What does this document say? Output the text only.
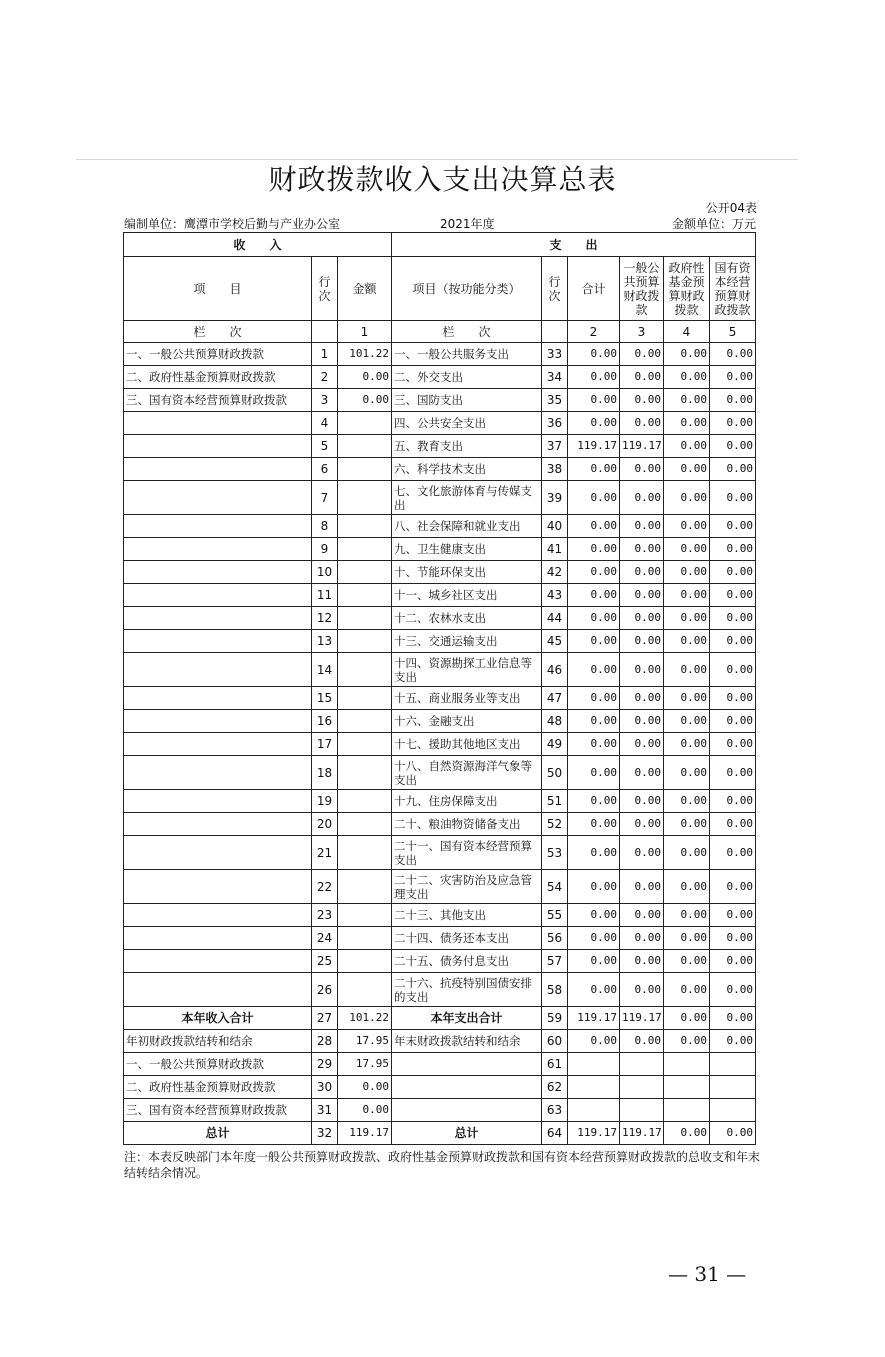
财政拨款收入支出决算总表
公开04表
编制单位：鹰潭市学校后勤与产业办公室	2021年度	金额单位：万元
收　　入			支　　出					
项　　目	行次	金额	项目（按功能分类）	行次	合计	一般公共预算财政拨款	政府性基金预算财政拨款	国有资本经营预算财政拨款
栏　　次		1	栏　　次		2	3	4	5
一、一般公共预算财政拨款	1	101.22	一、一般公共服务支出	33	0.00	0.00	0.00	0.00
二、政府性基金预算财政拨款	2	0.00	二、外交支出	34	0.00	0.00	0.00	0.00
三、国有资本经营预算财政拨款	3	0.00	三、国防支出	35	0.00	0.00	0.00	0.00
	4		四、公共安全支出	36	0.00	0.00	0.00	0.00
	5		五、教育支出	37	119.17	119.17	0.00	0.00
	6		六、科学技术支出	38	0.00	0.00	0.00	0.00
	7		七、文化旅游体育与传媒支出	39	0.00	0.00	0.00	0.00
	8		八、社会保障和就业支出	40	0.00	0.00	0.00	0.00
	9		九、卫生健康支出	41	0.00	0.00	0.00	0.00
	10		十、节能环保支出	42	0.00	0.00	0.00	0.00
	11		十一、城乡社区支出	43	0.00	0.00	0.00	0.00
	12		十二、农林水支出	44	0.00	0.00	0.00	0.00
	13		十三、交通运输支出	45	0.00	0.00	0.00	0.00
	14		十四、资源勘探工业信息等支出	46	0.00	0.00	0.00	0.00
	15		十五、商业服务业等支出	47	0.00	0.00	0.00	0.00
	16		十六、金融支出	48	0.00	0.00	0.00	0.00
	17		十七、援助其他地区支出	49	0.00	0.00	0.00	0.00
	18		十八、自然资源海洋气象等支出	50	0.00	0.00	0.00	0.00
	19		十九、住房保障支出	51	0.00	0.00	0.00	0.00
	20		二十、粮油物资储备支出	52	0.00	0.00	0.00	0.00
	21		二十一、国有资本经营预算支出	53	0.00	0.00	0.00	0.00
	22		二十二、灾害防治及应急管理支出	54	0.00	0.00	0.00	0.00
	23		二十三、其他支出	55	0.00	0.00	0.00	0.00
	24		二十四、债务还本支出	56	0.00	0.00	0.00	0.00
	25		二十五、债务付息支出	57	0.00	0.00	0.00	0.00
	26		二十六、抗疫特别国债安排的支出	58	0.00	0.00	0.00	0.00
本年收入合计	27	101.22	本年支出合计	59	119.17	119.17	0.00	0.00
年初财政拨款结转和结余	28	17.95	年末财政拨款结转和结余	60	0.00	0.00	0.00	0.00
一、一般公共预算财政拨款	29	17.95		61				
二、政府性基金预算财政拨款	30	0.00		62				
三、国有资本经营预算财政拨款	31	0.00		63				
总计	32	119.17	总计	64	119.17	119.17	0.00	0.00
注：本表反映部门本年度一般公共预算财政拨款、政府性基金预算财政拨款和国有资本经营预算财政拨款的总收支和年末结转结余情况。
— 31 —
